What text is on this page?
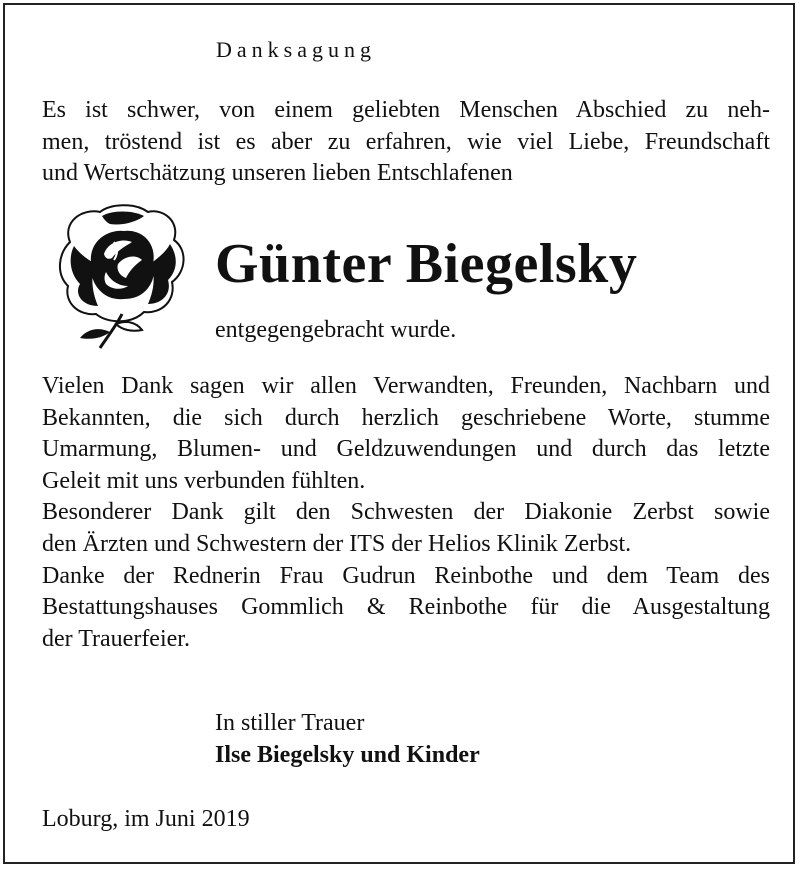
Danksagung
Es ist schwer, von einem geliebten Menschen Abschied zu neh-
men, tröstend ist es aber zu erfahren, wie viel Liebe, Freundschaft
und Wertschätzung unseren lieben Entschlafenen
Günter Biegelsky
entgegengebracht wurde.
Vielen Dank sagen wir allen Verwandten, Freunden, Nachbarn und
Bekannten, die sich durch herzlich geschriebene Worte, stumme
Umarmung, Blumen- und Geldzuwendungen und durch das letzte
Geleit mit uns verbunden fühlten.
Besonderer Dank gilt den Schwesten der Diakonie Zerbst sowie
den Ärzten und Schwestern der ITS der Helios Klinik Zerbst.
Danke der Rednerin Frau Gudrun Reinbothe und dem Team des
Bestattungshauses Gommlich & Reinbothe für die Ausgestaltung
der Trauerfeier.
In stiller Trauer
Ilse Biegelsky und Kinder
Loburg, im Juni 2019
